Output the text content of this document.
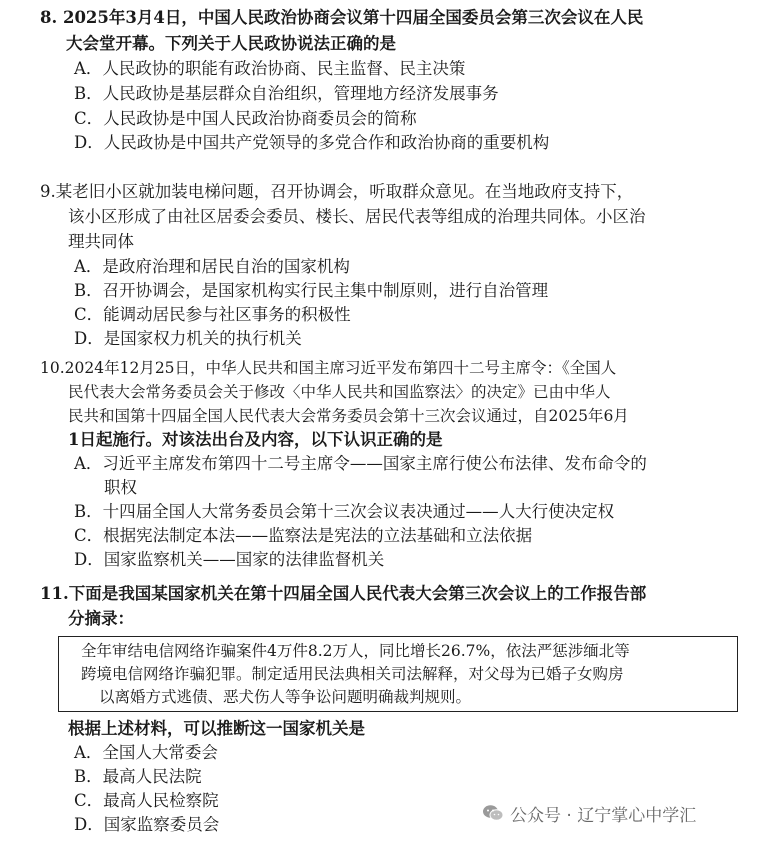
8. 2025年3月4日，中国人民政治协商会议第十四届全国委员会第三次会议在人民
大会堂开幕。下列关于人民政协说法正确的是
A．人民政协的职能有政治协商、民主监督、民主决策
B．人民政协是基层群众自治组织，管理地方经济发展事务
C．人民政协是中国人民政治协商委员会的简称
D．人民政协是中国共产党领导的多党合作和政治协商的重要机构
9.某老旧小区就加装电梯问题，召开协调会，听取群众意见。在当地政府支持下，
该小区形成了由社区居委会委员、楼长、居民代表等组成的治理共同体。小区治
理共同体
A．是政府治理和居民自治的国家机构
B．召开协调会，是国家机构实行民主集中制原则，进行自治管理
C．能调动居民参与社区事务的积极性
D．是国家权力机关的执行机关
10.2024年12月25日，中华人民共和国主席习近平发布第四十二号主席令：《全国人
民代表大会常务委员会关于修改〈中华人民共和国监察法〉的决定》已由中华人
民共和国第十四届全国人民代表大会常务委员会第十三次会议通过，自2025年6月
1日起施行。对该法出台及内容，以下认识正确的是
A．习近平主席发布第四十二号主席令——国家主席行使公布法律、发布命令的
职权
B．十四届全国人大常务委员会第十三次会议表决通过——人大行使决定权
C．根据宪法制定本法——监察法是宪法的立法基础和立法依据
D．国家监察机关——国家的法律监督机关
11.下面是我国某国家机关在第十四届全国人民代表大会第三次会议上的工作报告部
分摘录：
全年审结电信网络诈骗案件4万件8.2万人，同比增长26.7%，依法严惩涉缅北等
跨境电信网络诈骗犯罪。制定适用民法典相关司法解释，对父母为已婚子女购房
以离婚方式逃债、恶犬伤人等争讼问题明确裁判规则。
根据上述材料，可以推断这一国家机关是
A．全国人大常委会
B．最高人民法院
C．最高人民检察院
D．国家监察委员会	公众号 · 辽宁掌心中学汇
